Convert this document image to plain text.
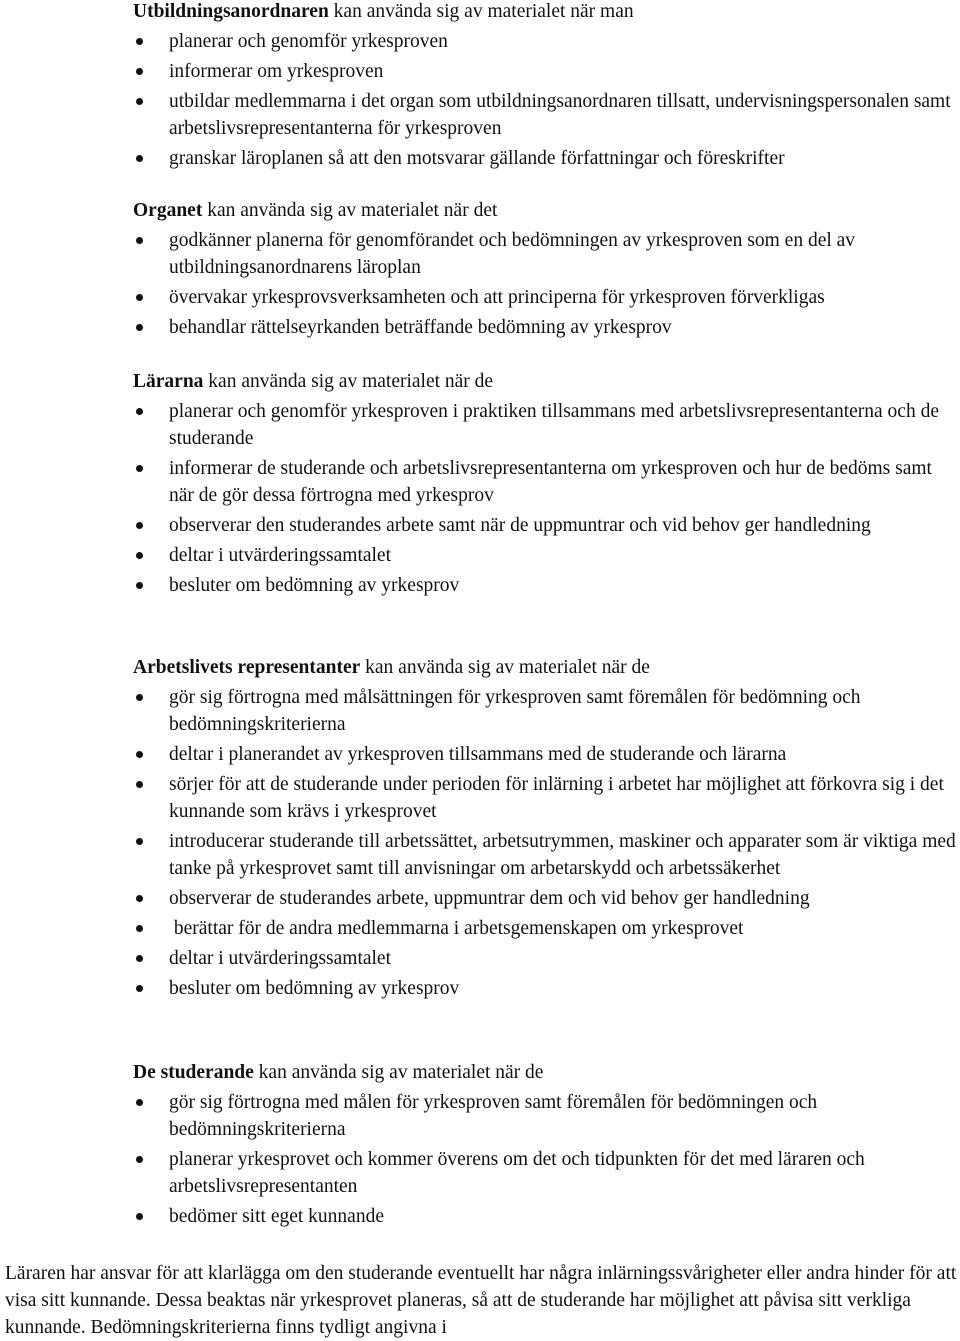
Utbildningsanordnaren kan använda sig av materialet när man

planerar och genomför yrkesproven
informerar om yrkesproven
utbildar medlemmarna i det organ som utbildningsanordnaren tillsatt, undervisningspersonalen samt arbetslivsrepresentanterna för yrkesproven
granskar läroplanen så att den motsvarar gällande författningar och föreskrifter

Organet kan använda sig av materialet när det

godkänner planerna för genomförandet och bedömningen av yrkesproven som en del av utbildningsanordnarens läroplan
övervakar yrkesprovsverksamheten och att principerna för yrkesproven förverkligas
behandlar rättelseyrkanden beträffande bedömning av yrkesprov

Lärarna kan använda sig av materialet när de

planerar och genomför yrkesproven i praktiken tillsammans med arbetslivsrepresentanterna och de studerande
informerar de studerande och arbetslivsrepresentanterna om yrkesproven och hur de bedöms samt när de gör dessa förtrogna med yrkesprov
observerar den studerandes arbete samt när de uppmuntrar och vid behov ger handledning
deltar i utvärderingssamtalet
besluter om bedömning av yrkesprov

Arbetslivets representanter kan använda sig av materialet när de

gör sig förtrogna med målsättningen för yrkesproven samt föremålen för bedömning och bedömningskriterierna
deltar i planerandet av yrkesproven tillsammans med de studerande och lärarna
sörjer för att de studerande under perioden för inlärning i arbetet har möjlighet att förkovra sig i det kunnande som krävs i yrkesprovet
introducerar studerande till arbetssättet, arbetsutrymmen, maskiner och apparater som är viktiga med tanke på yrkesprovet samt till anvisningar om arbetarskydd och arbetssäkerhet
observerar de studerandes arbete, uppmuntrar dem och vid behov ger handledning
berättar för de andra medlemmarna i arbetsgemenskapen om yrkesprovet
deltar i utvärderingssamtalet
besluter om bedömning av yrkesprov

De studerande kan använda sig av materialet när de

gör sig förtrogna med målen för yrkesproven samt föremålen för bedömningen och bedömningskriterierna
planerar yrkesprovet och kommer överens om det och tidpunkten för det med läraren och arbetslivsrepresentanten
bedömer sitt eget kunnande

Läraren har ansvar för att klarlägga om den studerande eventuellt har några inlärningssvårigheter eller andra hinder för att visa sitt kunnande. Dessa beaktas när yrkesprovet planeras, så att de studerande har möjlighet att påvisa sitt verkliga kunnande. Bedömningskriterierna finns tydligt angivna i
